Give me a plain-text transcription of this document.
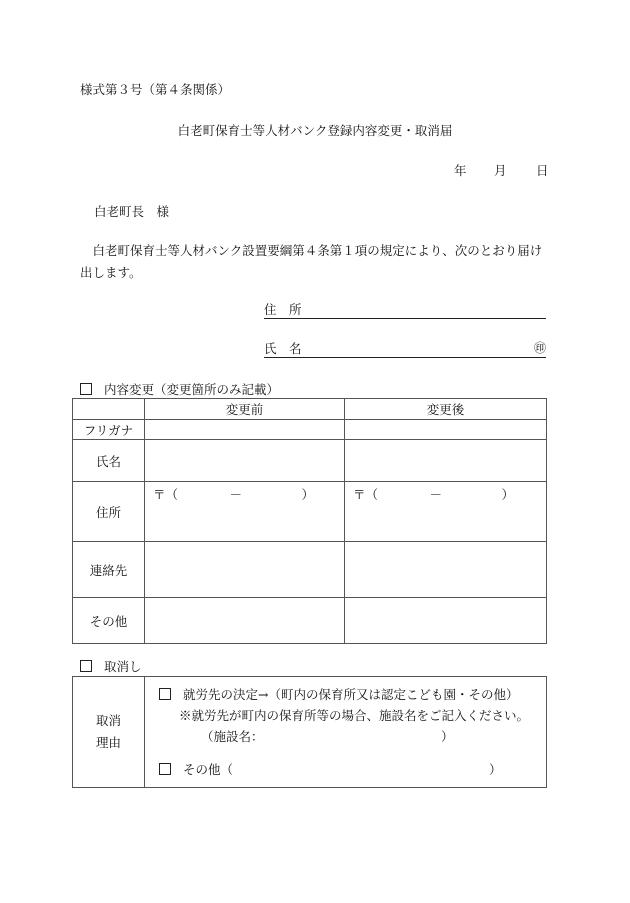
様式第３号（第４条関係）
白老町保育士等人材バンク登録内容変更・取消届
年 月 日
白老町長　様
白老町保育士等人材バンク設置要綱第４条第１項の規定により、次のとおり届け出します。
住　所
氏　名	㊞
内容変更（変更箇所のみ記載）
	変更前	変更後
フリガナ		
氏名		
住所	〒（ － ）	〒（ － ）
連絡先		
その他		
取消し
取消
理由

就労先の決定→（町内の保育所又は認定こども園・その他）
※就労先が町内の保育所等の場合、施設名をご記入ください。
（施設名：	）
その他（	）
